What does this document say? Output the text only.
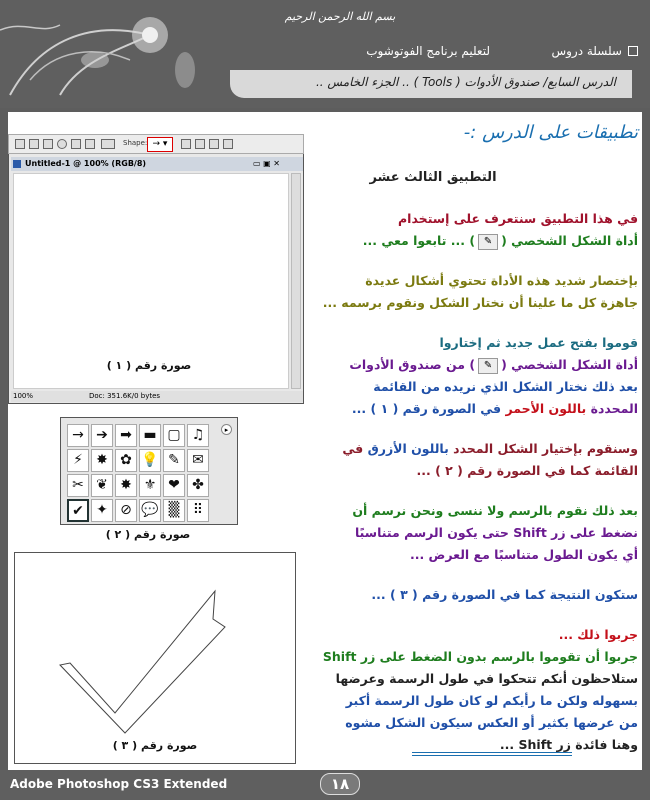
بسم الله الرحمن الرحيم
سلسلة دروس
لتعليم برنامج الفوتوشوب
الدرس السابع/ صندوق الأدوات ( Tools ) .. الجزء الخامس ..
تطبيقات على الدرس :-
التطبيق الثالث عشر
في هذا التطبيق سنتعرف على إستخدام
أداة الشكل الشخصي (✎) ... تابعوا معي ...
بإختصار شديد هذه الأداة تحتوي أشكال عديدة
جاهزة كل ما علينا أن نختار الشكل ونقوم برسمه ...
قوموا بفتح عمل جديد ثم إختاروا
أداة الشكل الشخصي (✎) من صندوق الأدوات
بعد ذلك نختار الشكل الذي نريده من القائمة
المحددة باللون الأحمر في الصورة رقم ( ١ ) ...
وسنقوم بإختيار الشكل المحدد باللون الأزرق في
القائمة كما في الصورة رقم ( ٢ ) ...
بعد ذلك نقوم بالرسم ولا ننسى ونحن نرسم أن
نضغط على زر Shift حتى يكون الرسم متناسبًا
أي يكون الطول متناسبًا مع العرض ...
ستكون النتيجة كما في الصورة رقم ( ٣ ) ...
جربوا ذلك ...
جربوا أن تقوموا بالرسم بدون الضغط على زر Shift
ستلاحظون أنكم تتحكوا في طول الرسمة وعرضها
بسهوله ولكن ما رأيكم لو كان طول الرسمة أكبر
من عرضها بكثير أو العكس سيكون الشكل مشوه
وهنا فائدة زر Shift ...
Shape: → ▾
Untitled-1 @ 100% (RGB/8)	▭ ▣ ✕
100%	Doc: 351.6K/0 bytes
صورة رقم ( ١ )
→ ➔ ➡ ▬ ▢ ♫
⚡ ✸ ✿ 💡 ✎ ✉
✂ ❦ ✸ ⚜ ❤ ✤
✔ ✦ ⊘ 💬 ▒ ⠿
▸
صورة رقم ( ٢ )
صورة رقم ( ٣ )
Adobe Photoshop CS3 Extended	١٨
